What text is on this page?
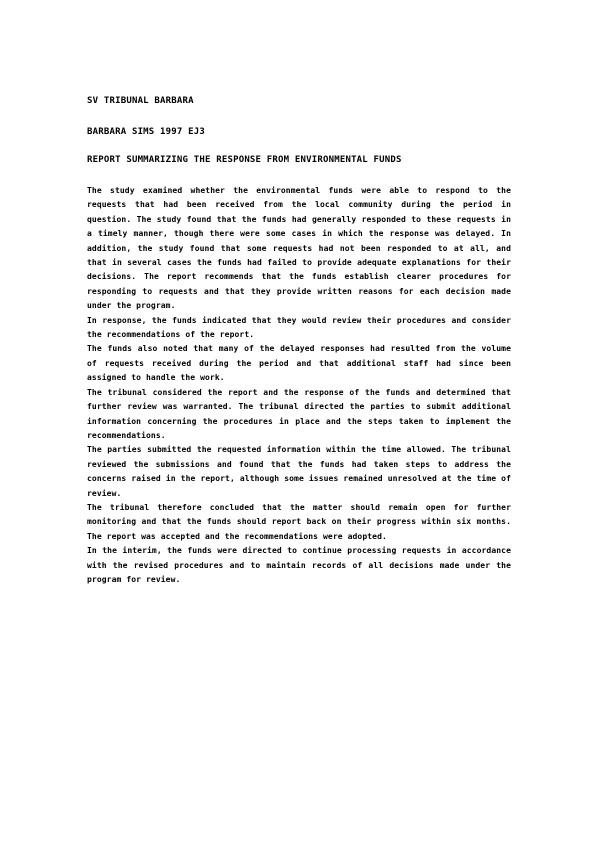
SV TRIBUNAL BARBARA
BARBARA SIMS 1997 EJ3
REPORT SUMMARIZING THE RESPONSE FROM ENVIRONMENTAL FUNDS

The study examined whether the environmental funds were able to respond to the requests that had been received from the local community during the period in question. The study found that the funds had generally responded to these requests in a timely manner, though there were some cases in which the response was delayed. In addition, the study found that some requests had not been responded to at all, and that in several cases the funds had failed to provide adequate explanations for their decisions. The report recommends that the funds establish clearer procedures for responding to requests and that they provide written reasons for each decision made under the program.

In response, the funds indicated that they would review their procedures and consider the recommendations of the report.

The funds also noted that many of the delayed responses had resulted from the volume of requests received during the period and that additional staff had since been assigned to handle the work.

The tribunal considered the report and the response of the funds and determined that further review was warranted. The tribunal directed the parties to submit additional information concerning the procedures in place and the steps taken to implement the recommendations.

The parties submitted the requested information within the time allowed. The tribunal reviewed the submissions and found that the funds had taken steps to address the concerns raised in the report, although some issues remained unresolved at the time of review.

The tribunal therefore concluded that the matter should remain open for further monitoring and that the funds should report back on their progress within six months. The report was accepted and the recommendations were adopted.

In the interim, the funds were directed to continue processing requests in accordance with the revised procedures and to maintain records of all decisions made under the program for review.
